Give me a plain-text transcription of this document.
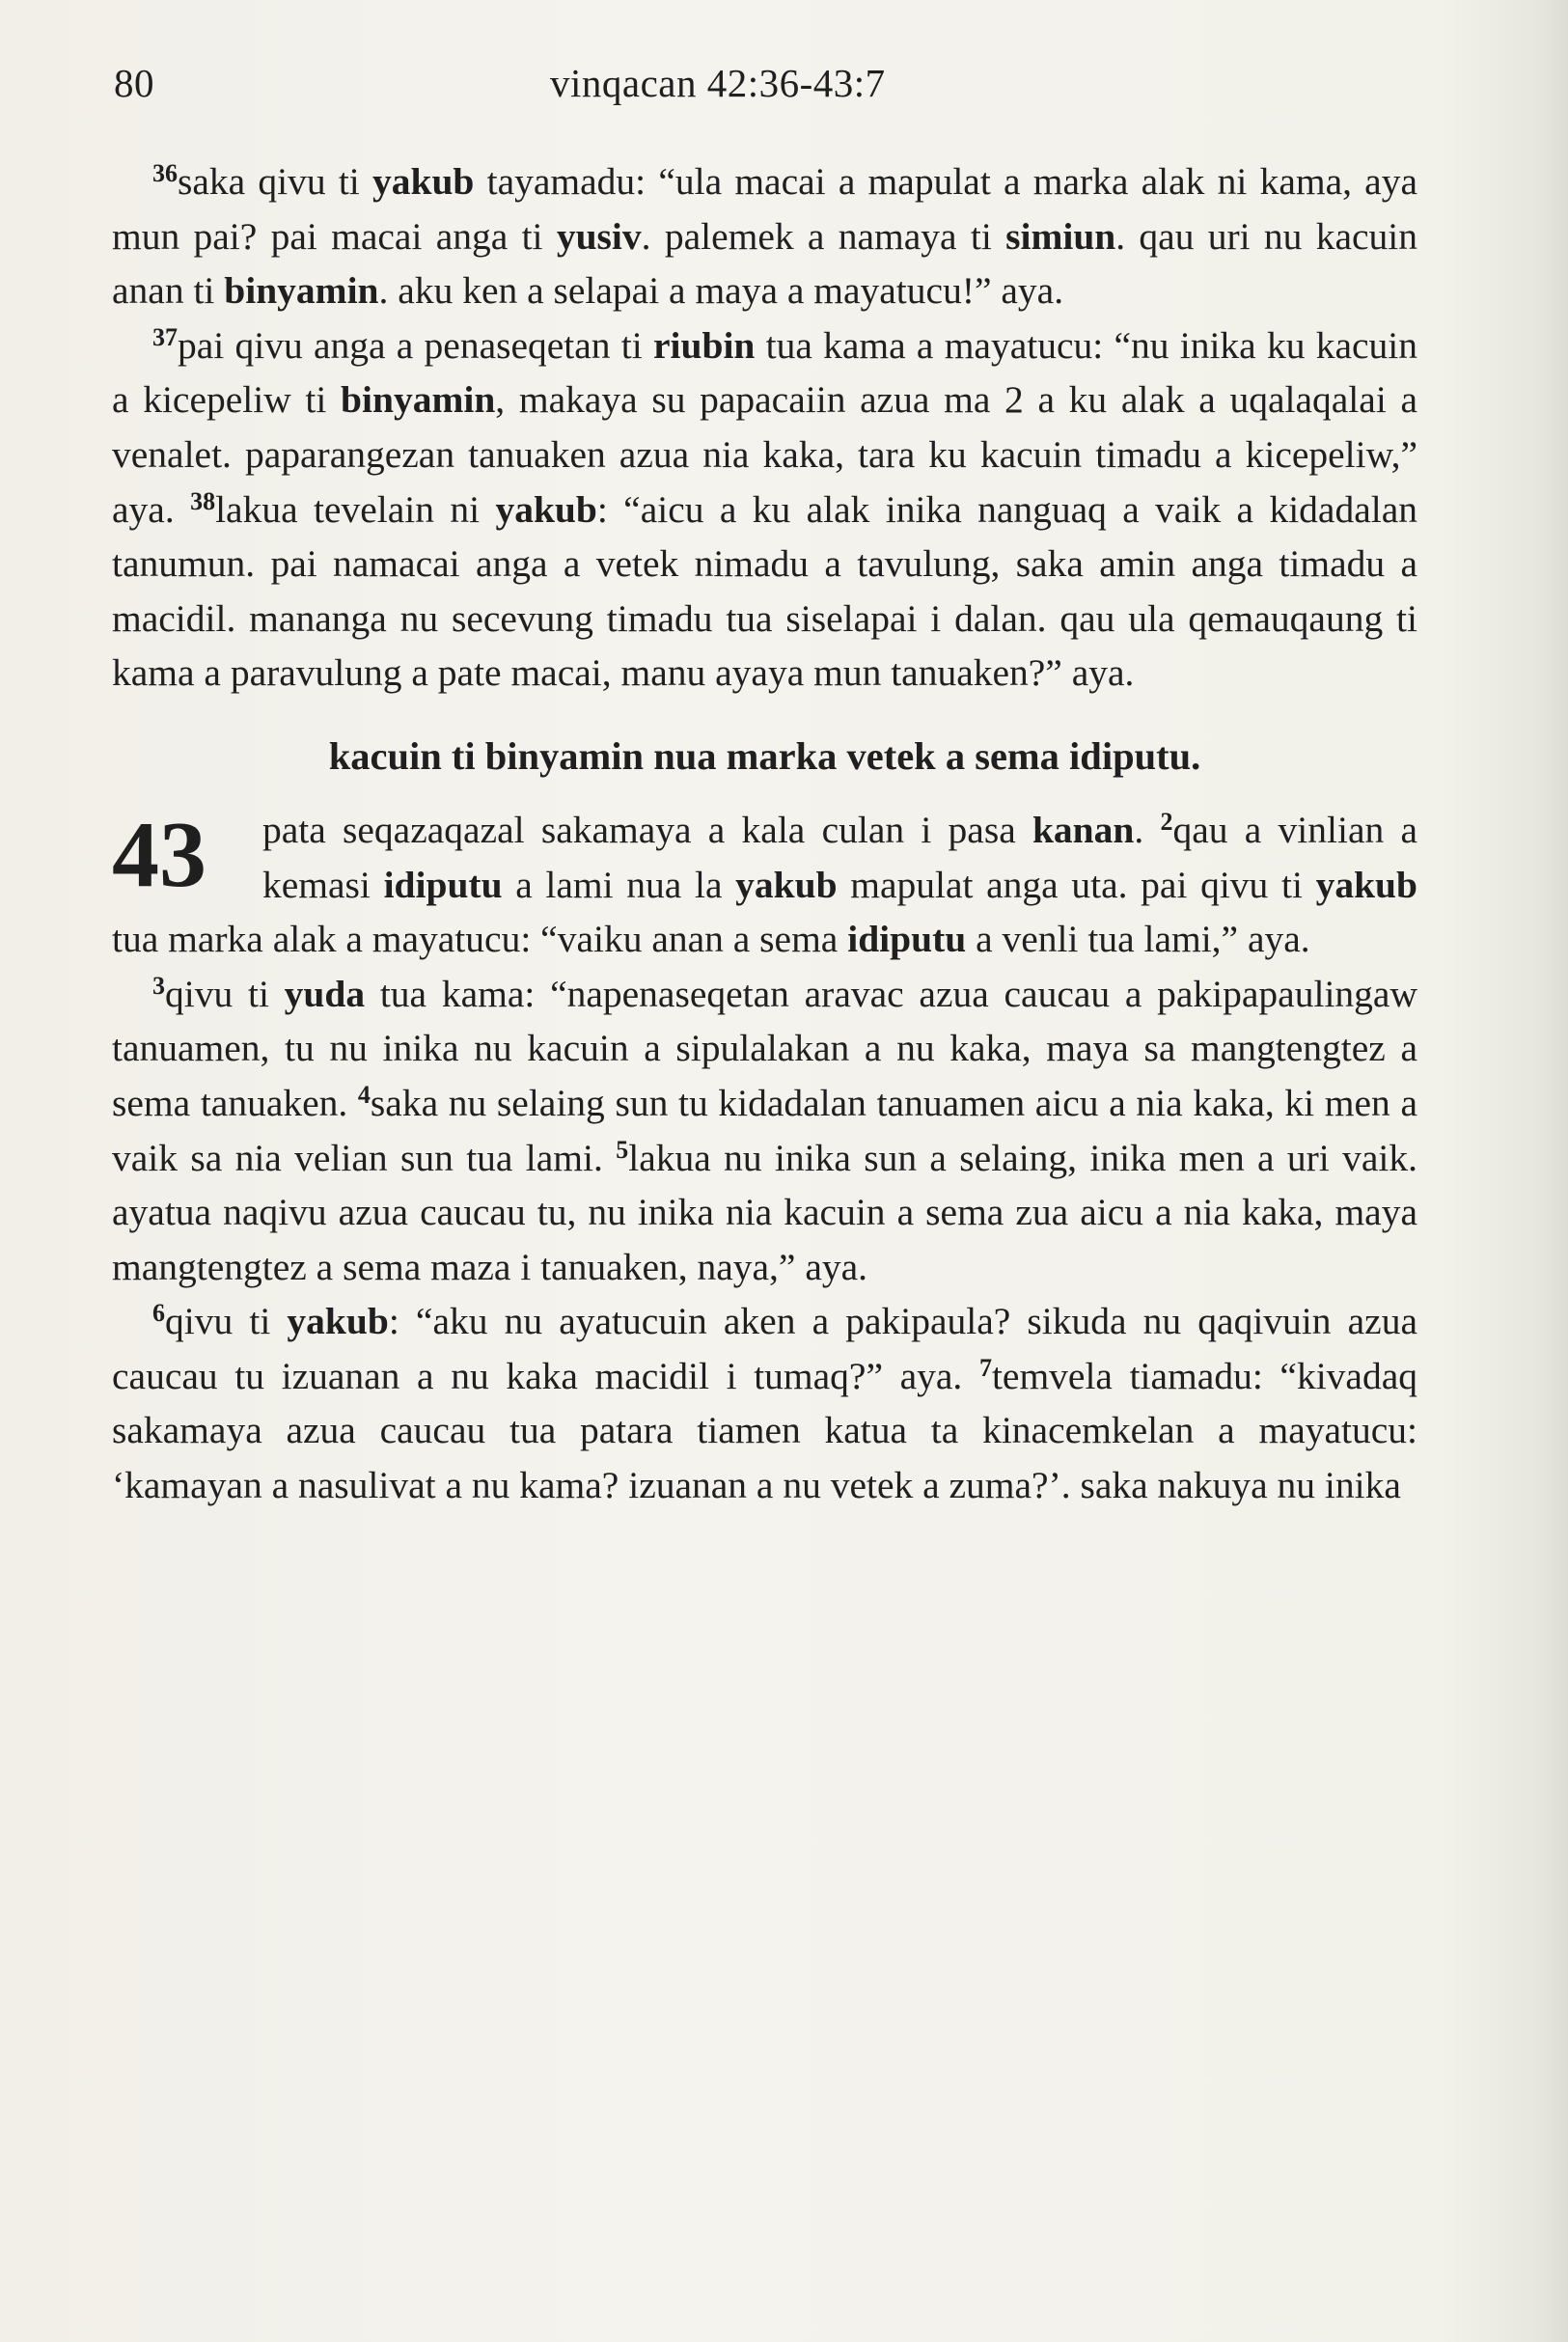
80	vinqacan 42:36-43:7

$^{36}$saka qivu ti yakub tayamadu: “ula macai a mapulat a marka alak ni kama, aya mun pai? pai macai anga ti yusiv. palemek a namaya ti simiun. qau uri nu kacuin anan ti binyamin. aku ken a selapai a maya a mayatucu!” aya.

$^{37}$pai qivu anga a penaseqetan ti riubin tua kama a mayatucu: “nu inika ku kacuin a kicepeliw ti binyamin, makaya su papacaiin azua ma 2 a ku alak a uqalaqalai a venalet. paparangezan tanuaken azua nia kaka, tara ku kacuin timadu a kicepeliw,” aya. $^{38}$lakua tevelain ni yakub: “aicu a ku alak inika nanguaq a vaik a kidadalan tanumun. pai namacai anga a vetek nimadu a tavulung, saka amin anga timadu a macidil. mananga nu secevung timadu tua siselapai i dalan. qau ula qemauqaung ti kama a paravulung a pate macai, manu ayaya mun tanuaken?” aya.

kacuin ti binyamin nua marka vetek a sema idiputu.
43	pata seqazaqazal sakamaya a kala culan i pasa kanan. $^2$qau a vinlian a kemasi idiputu a lami nua la yakub mapulat anga uta. pai qivu ti yakub tua marka alak a mayatucu: “vaiku anan a sema idiputu a venli tua lami,” aya.

$^3$qivu ti yuda tua kama: “napenaseqetan aravac azua caucau a pakipapaulingaw tanuamen, tu nu inika nu kacuin a sipulalakan a nu kaka, maya sa mangtengtez a sema tanuaken. $^4$saka nu selaing sun tu kidadalan tanuamen aicu a nia kaka, ki men a vaik sa nia velian sun tua lami. $^5$lakua nu inika sun a selaing, inika men a uri vaik. ayatua naqivu azua caucau tu, nu inika nia kacuin a sema zua aicu a nia kaka, maya mangtengtez a sema maza i tanuaken, naya,” aya.

$^6$qivu ti yakub: “aku nu ayatucuin aken a pakipaula? sikuda nu qaqivuin azua caucau tu izuanan a nu kaka macidil i tumaq?” aya. $^7$temvela tiamadu: “kivadaq sakamaya azua caucau tua patara tiamen katua ta kinacemkelan a mayatucu: ‘kamayan a nasulivat a nu kama? izuanan a nu vetek a zuma?’. saka nakuya nu inika
